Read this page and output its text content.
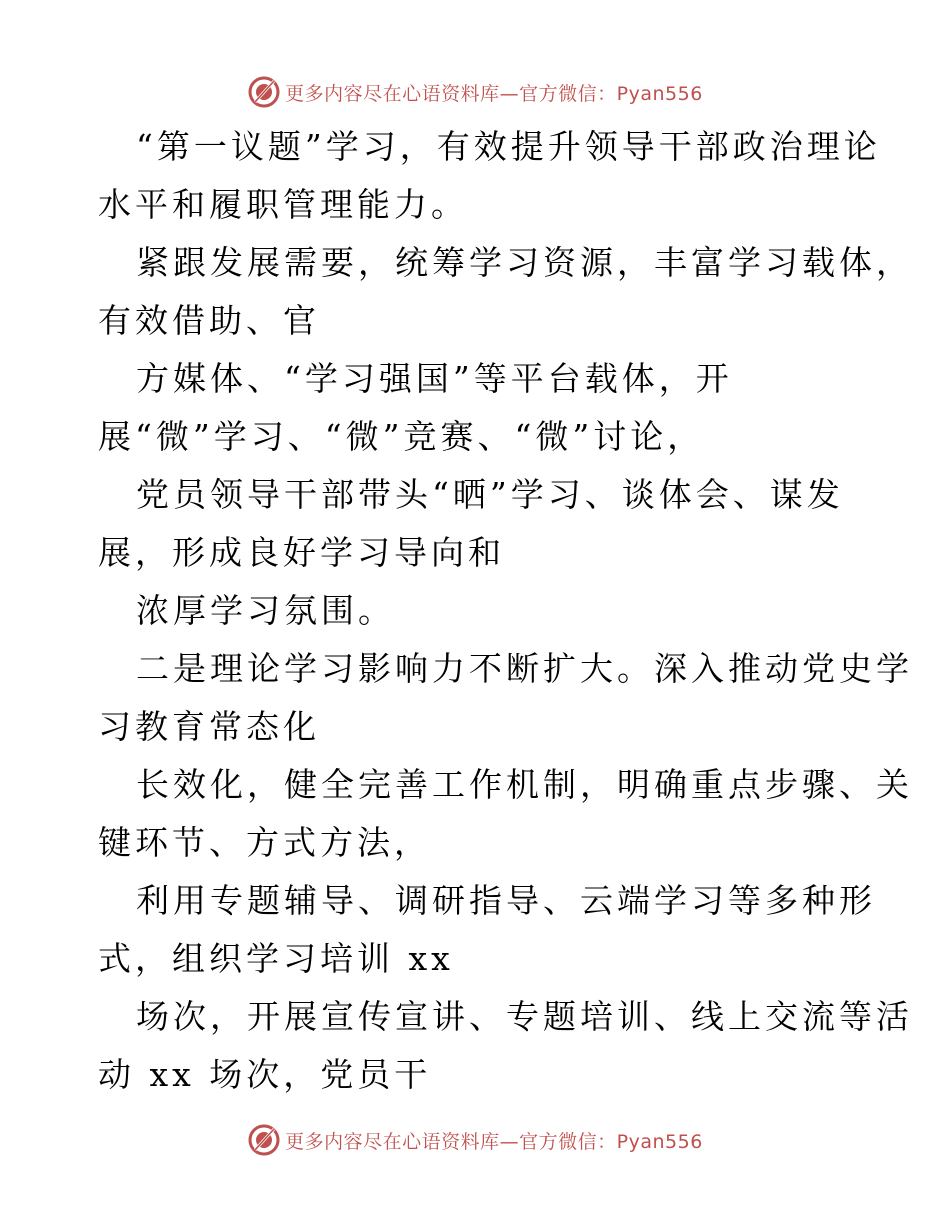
更多内容尽在心语资料库—官方微信：Pyan556
“第一议题”学习，有效提升领导干部政治理论
水平和履职管理能力。
紧跟发展需要，统筹学习资源，丰富学习载体，
有效借助、官
方媒体、“学习强国”等平台载体，开
展“微”学习、“微”竞赛、“微”讨论，
党员领导干部带头“晒”学习、谈体会、谋发
展，形成良好学习导向和
浓厚学习氛围。
二是理论学习影响力不断扩大。深入推动党史学
习教育常态化
长效化，健全完善工作机制，明确重点步骤、关
键环节、方式方法，
利用专题辅导、调研指导、云端学习等多种形
式，组织学习培训 xx
场次，开展宣传宣讲、专题培训、线上交流等活
动 xx 场次，党员干
更多内容尽在心语资料库—官方微信：Pyan556
